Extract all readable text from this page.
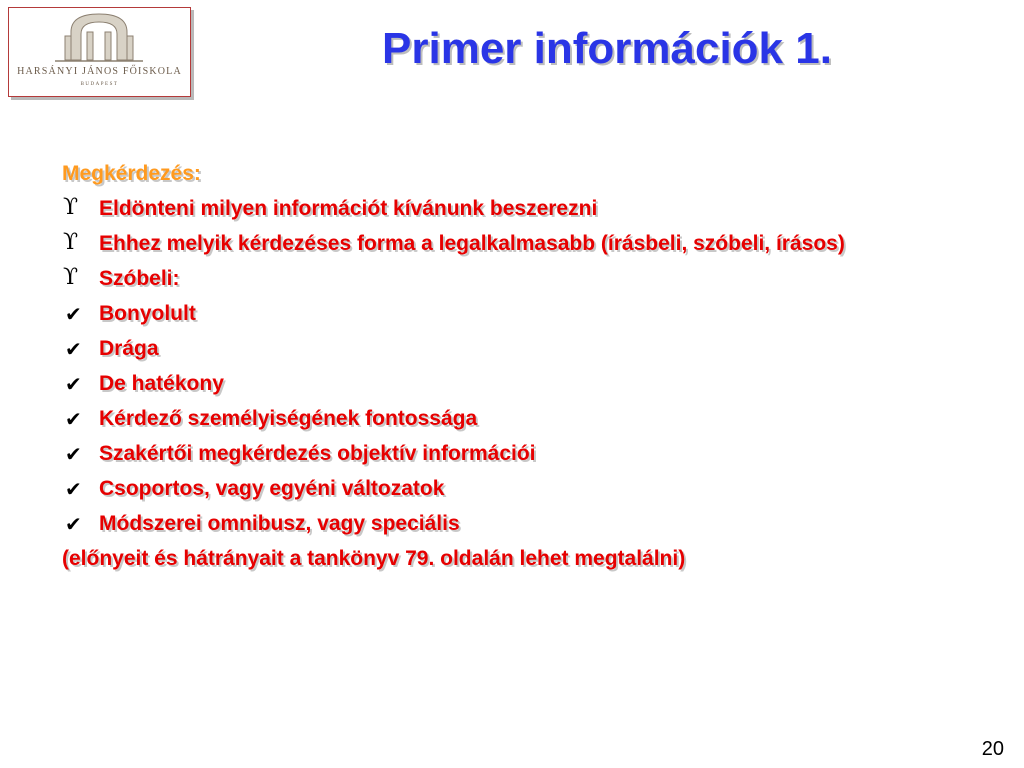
HARSÁNYI JÁNOS FŐISKOLA
BUDAPEST
Primer információk 1.
Megkérdezés:
ϒ Eldönteni milyen információt kívánunk beszerezni
ϒ Ehhez melyik kérdezéses forma a legalkalmasabb (írásbeli, szóbeli, írásos)
ϒ Szóbeli:
✔ Bonyolult
✔ Drága
✔ De hatékony
✔ Kérdező személyiségének fontossága
✔ Szakértői megkérdezés objektív információi
✔ Csoportos, vagy egyéni változatok
✔ Módszerei omnibusz, vagy speciális
(előnyeit és hátrányait a tankönyv 79. oldalán lehet megtalálni)
20
